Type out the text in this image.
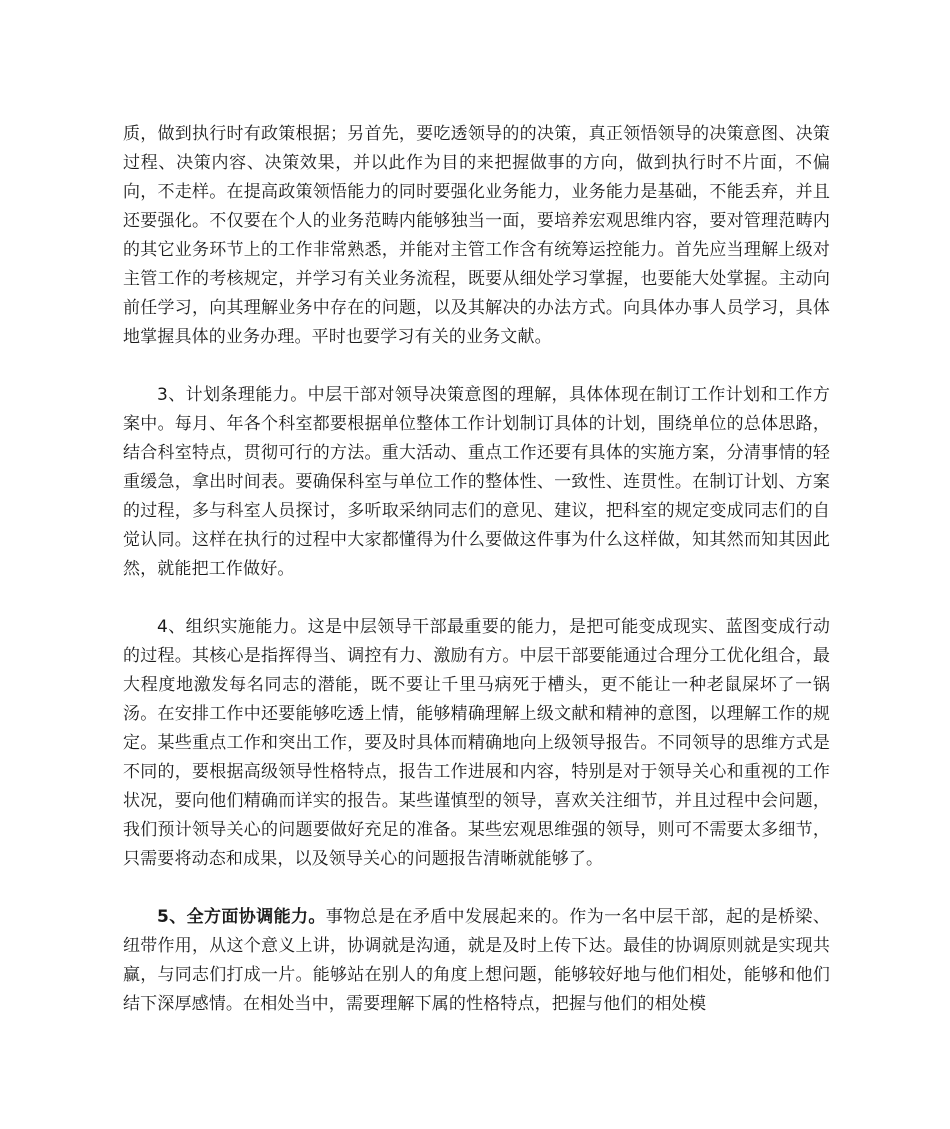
质，做到执行时有政策根据；另首先，要吃透领导的的决策，真正领悟领导的决策意图、决策过程、决策内容、决策效果，并以此作为目的来把握做事的方向，做到执行时不片面，不偏向，不走样。在提高政策领悟能力的同时要强化业务能力，业务能力是基础，不能丢弃，并且还要强化。不仅要在个人的业务范畴内能够独当一面，要培养宏观思维内容，要对管理范畴内的其它业务环节上的工作非常熟悉，并能对主管工作含有统筹运控能力。首先应当理解上级对主管工作的考核规定，并学习有关业务流程，既要从细处学习掌握，也要能大处掌握。主动向前任学习，向其理解业务中存在的问题，以及其解决的办法方式。向具体办事人员学习，具体地掌握具体的业务办理。平时也要学习有关的业务文献。

3、计划条理能力。中层干部对领导决策意图的理解，具体体现在制订工作计划和工作方案中。每月、年各个科室都要根据单位整体工作计划制订具体的计划，围绕单位的总体思路，结合科室特点，贯彻可行的方法。重大活动、重点工作还要有具体的实施方案，分清事情的轻重缓急，拿出时间表。要确保科室与单位工作的整体性、一致性、连贯性。在制订计划、方案的过程，多与科室人员探讨，多听取采纳同志们的意见、建议，把科室的规定变成同志们的自觉认同。这样在执行的过程中大家都懂得为什么要做这件事为什么这样做，知其然而知其因此然，就能把工作做好。

4、组织实施能力。这是中层领导干部最重要的能力，是把可能变成现实、蓝图变成行动的过程。其核心是指挥得当、调控有力、激励有方。中层干部要能通过合理分工优化组合，最大程度地激发每名同志的潜能，既不要让千里马病死于槽头，更不能让一种老鼠屎坏了一锅汤。在安排工作中还要能够吃透上情，能够精确理解上级文献和精神的意图，以理解工作的规定。某些重点工作和突出工作，要及时具体而精确地向上级领导报告。不同领导的思维方式是不同的，要根据高级领导性格特点，报告工作进展和内容，特别是对于领导关心和重视的工作状况，要向他们精确而详实的报告。某些谨慎型的领导，喜欢关注细节，并且过程中会问题，我们预计领导关心的问题要做好充足的准备。某些宏观思维强的领导，则可不需要太多细节，只需要将动态和成果，以及领导关心的问题报告清晰就能够了。

5、全方面协调能力。事物总是在矛盾中发展起来的。作为一名中层干部，起的是桥梁、纽带作用，从这个意义上讲，协调就是沟通，就是及时上传下达。最佳的协调原则就是实现共赢，与同志们打成一片。能够站在别人的角度上想问题，能够较好地与他们相处，能够和他们结下深厚感情。在相处当中，需要理解下属的性格特点，把握与他们的相处模
